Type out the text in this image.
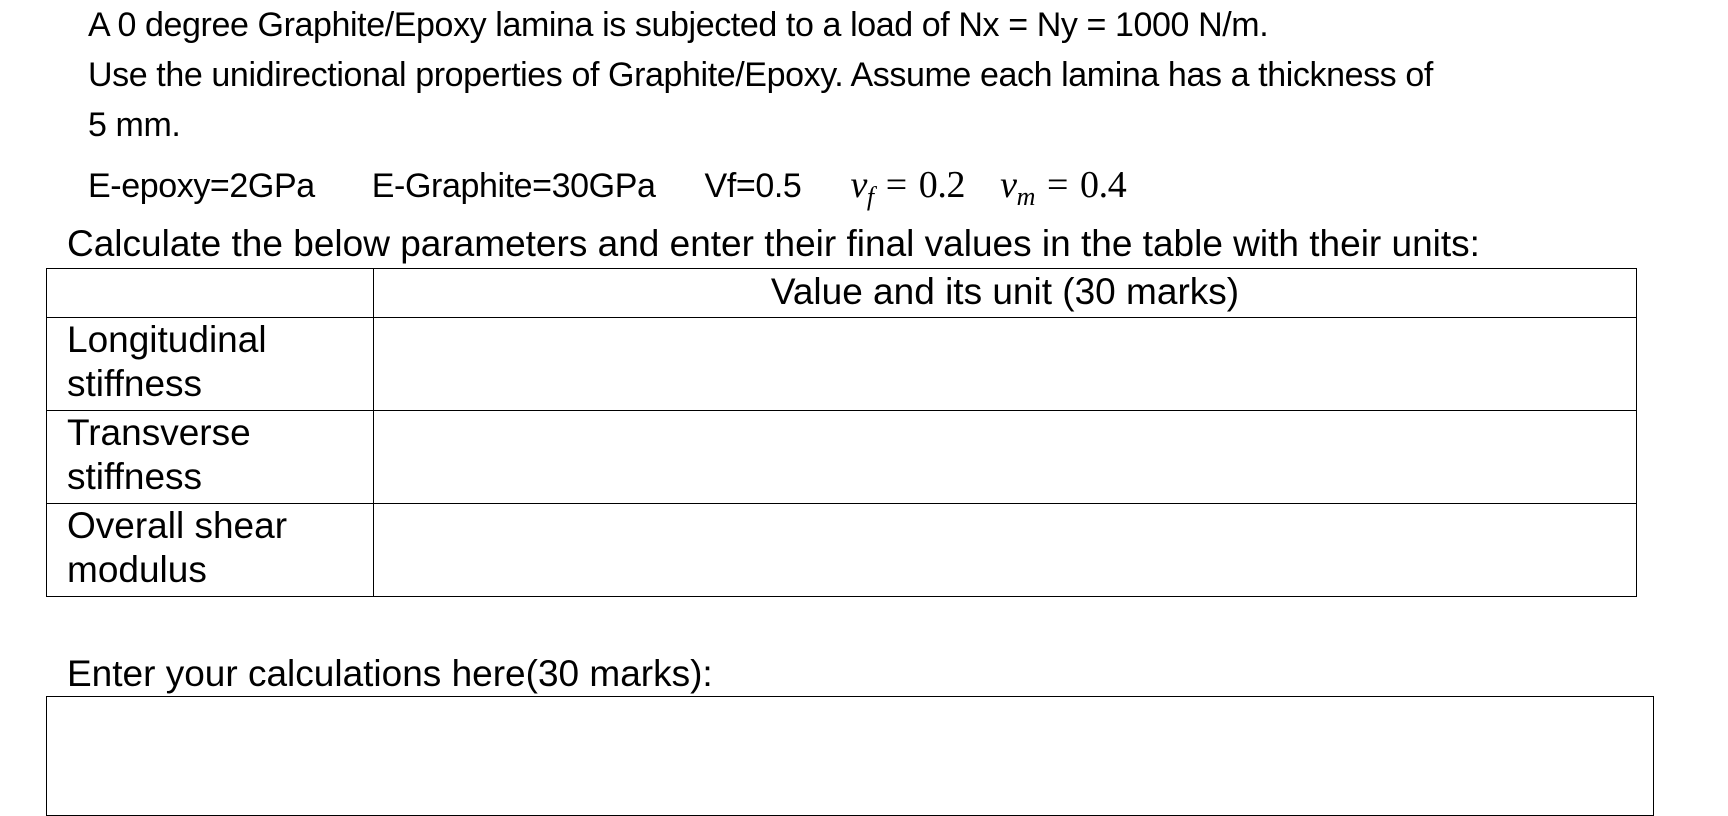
A 0 degree Graphite/Epoxy lamina is subjected to a load of Nx = Ny = 1000 N/m.

Use the unidirectional properties of Graphite/Epoxy. Assume each lamina has a thickness of

5 mm.

E-epoxy=2GPa E-Graphite=30GPa Vf=0.5 $\nu_f = 0.2$ $\nu_m = 0.4$
Calculate the below parameters and enter their final values in the table with their units:
	Value and its unit (30 marks)

Longitudinal stiffness	

Transverse stiffness	

Overall shear modulus	

Enter your calculations here(30 marks):
